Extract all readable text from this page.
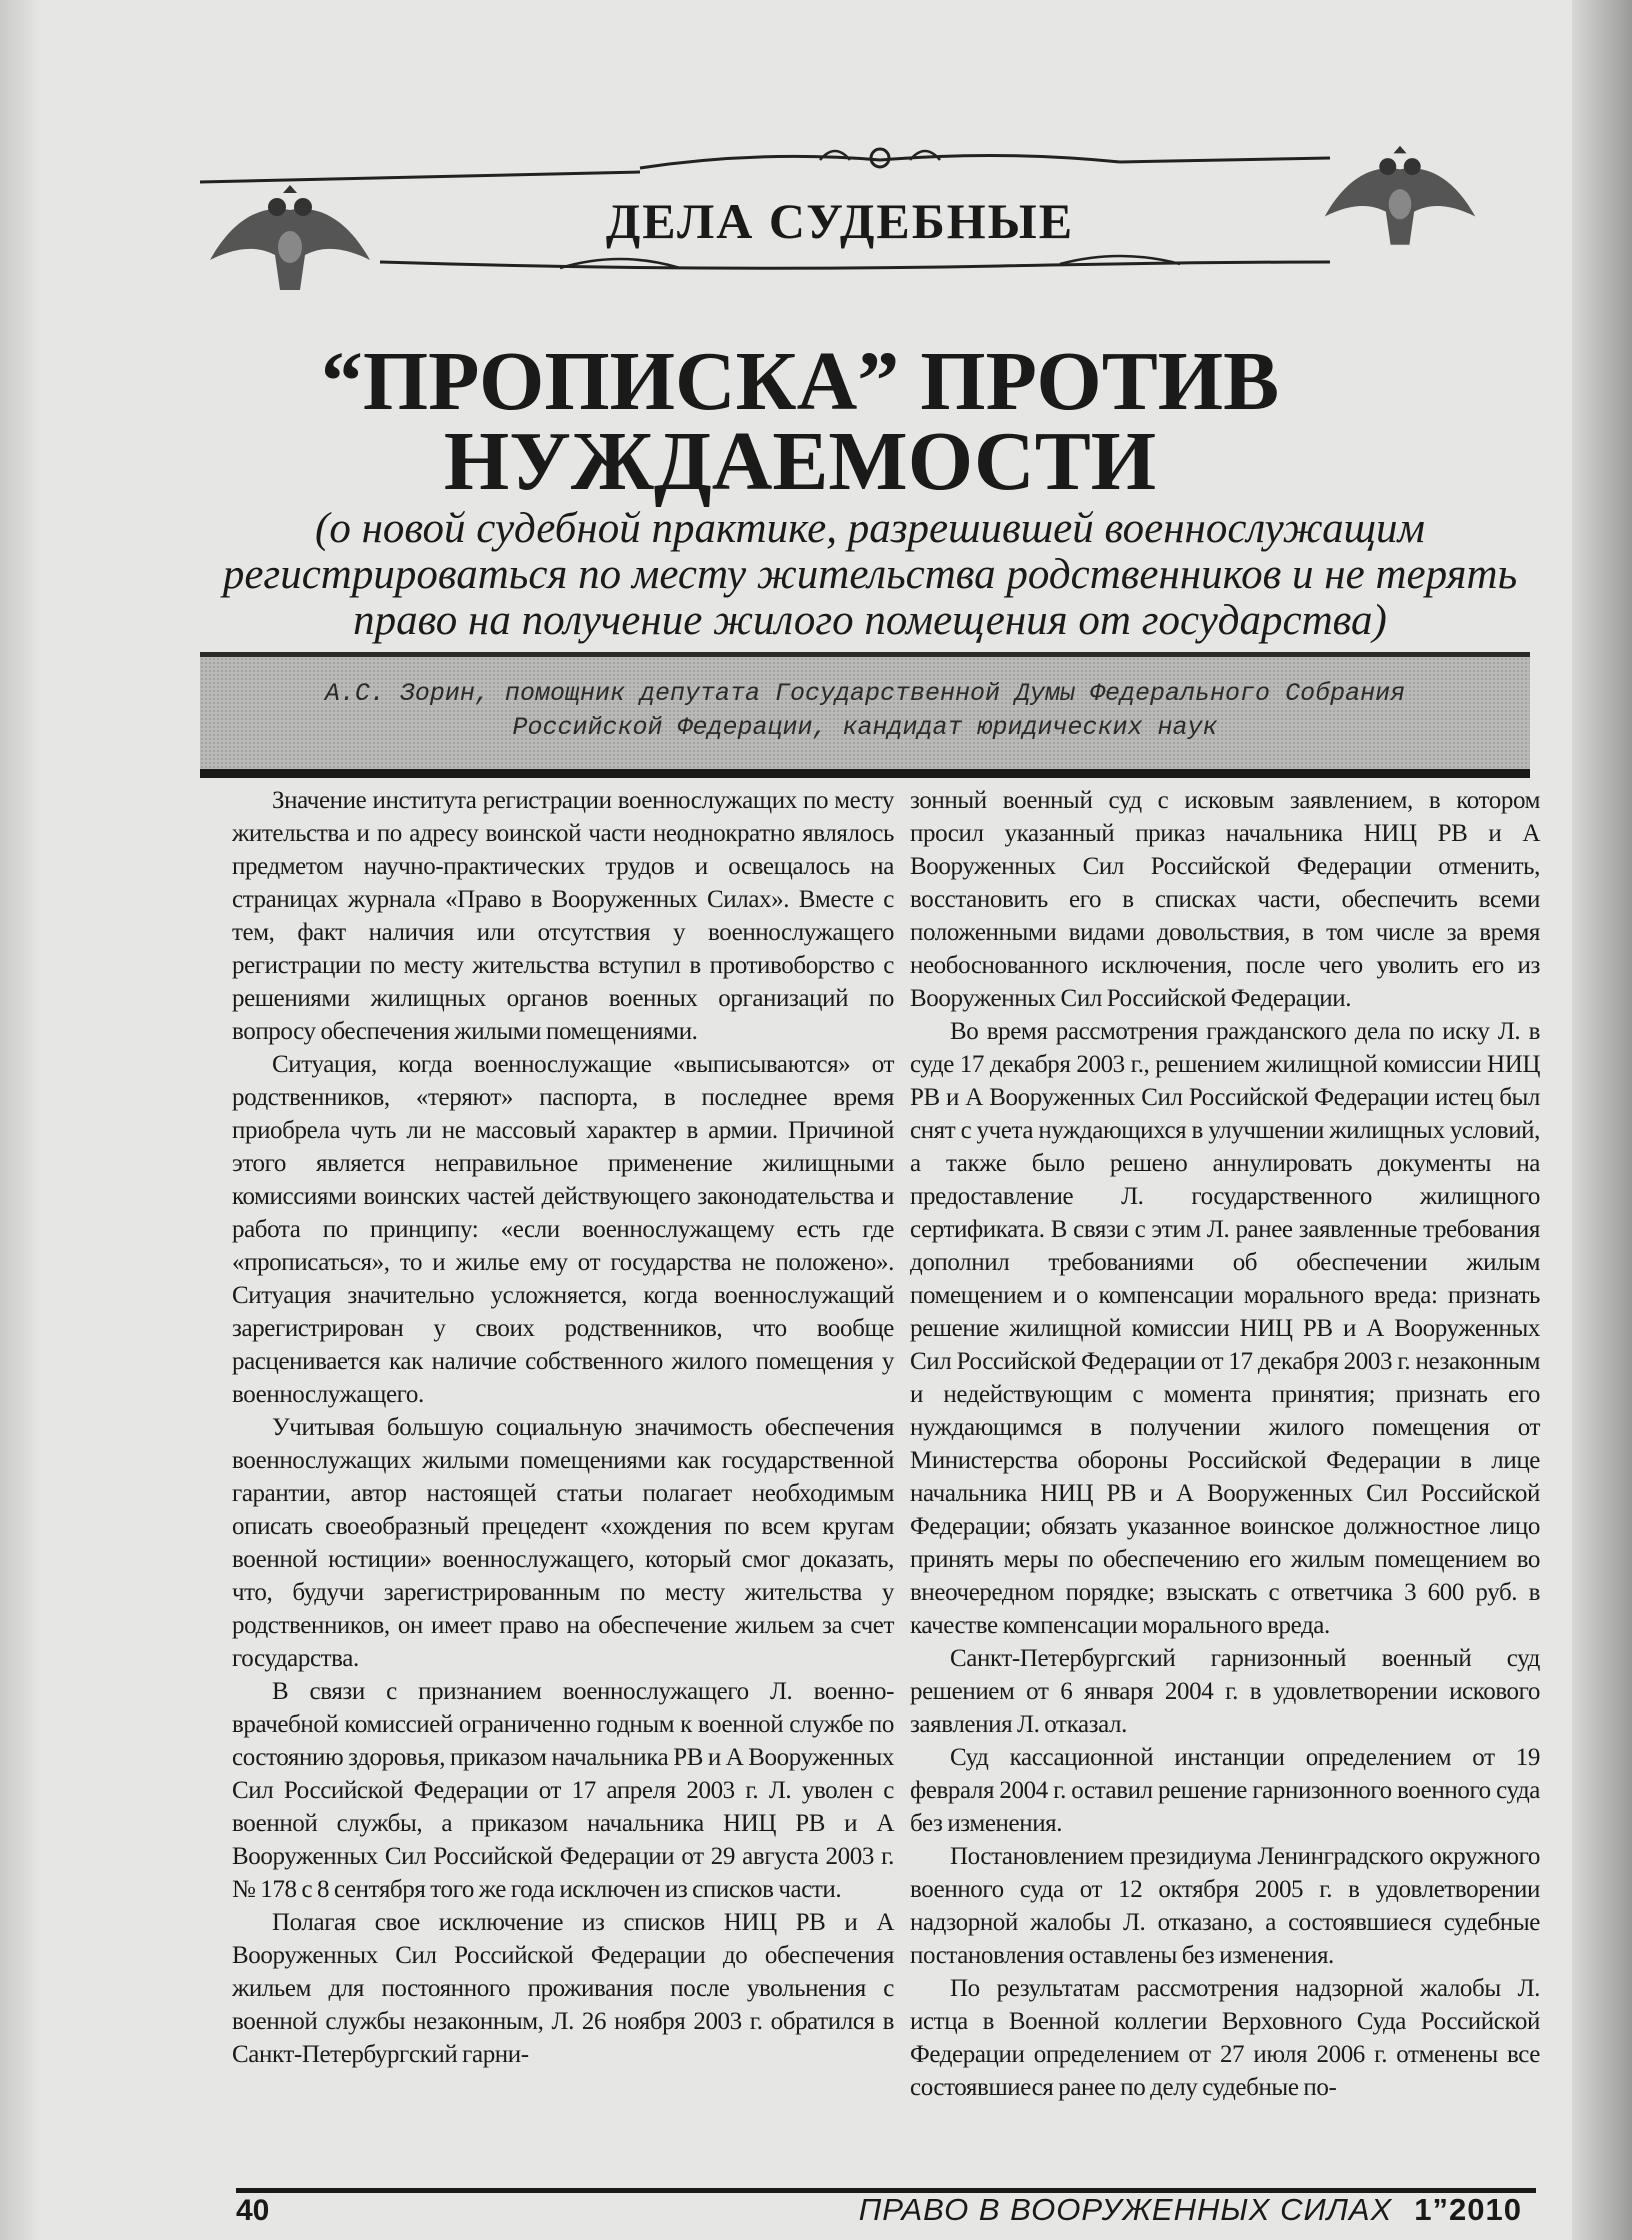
ДЕЛА СУДЕБНЫЕ
“ПРОПИСКА” ПРОТИВ
НУЖДАЕМОСТИ
(о новой судебной практике, разрешившей военнослужащим регистрироваться по месту жительства родственников и не терять право на получение жилого помещения от государства)
А.С. Зорин, помощник депутата Государственной Думы Федерального Собрания
Российской Федерации, кандидат юридических наук

Значение института регистрации военнослужащих по месту жительства и по адресу воинской части неоднократно являлось предметом научно-практических трудов и освещалось на страницах журнала «Право в Вооруженных Силах». Вместе с тем, факт наличия или отсутствия у военнослужащего регистрации по месту жительства вступил в противоборство с решениями жилищных органов военных организаций по вопросу обеспечения жилыми помещениями.

Ситуация, когда военнослужащие «выписываются» от родственников, «теряют» паспорта, в последнее время приобрела чуть ли не массовый характер в армии. Причиной этого является неправильное применение жилищными комиссиями воинских частей действующего законодательства и работа по принципу: «если военнослужащему есть где «прописаться», то и жилье ему от государства не положено». Ситуация значительно усложняется, когда военнослужащий зарегистрирован у своих родственников, что вообще расценивается как наличие собственного жилого помещения у военнослужащего.

Учитывая большую социальную значимость обеспечения военнослужащих жилыми помещениями как государственной гарантии, автор настоящей статьи полагает необходимым описать своеобразный прецедент «хождения по всем кругам военной юстиции» военнослужащего, который смог доказать, что, будучи зарегистрированным по месту жительства у родственников, он имеет право на обеспечение жильем за счет государства.

В связи с признанием военнослужащего Л. военно-врачебной комиссией ограниченно годным к военной службе по состоянию здоровья, приказом начальника РВ и А Вооруженных Сил Российской Федерации от 17 апреля 2003 г. Л. уволен с военной службы, а приказом начальника НИЦ РВ и А Вооруженных Сил Российской Федерации от 29 августа 2003 г. № 178 с 8 сентября того же года исключен из списков части.

Полагая свое исключение из списков НИЦ РВ и А Вооруженных Сил Российской Федерации до обеспечения жильем для постоянного проживания после увольнения с военной службы незаконным, Л. 26 ноября 2003 г. обратился в Санкт-Петербургский гарни-

зонный военный суд с исковым заявлением, в котором просил указанный приказ начальника НИЦ РВ и А Вооруженных Сил Российской Федерации отменить, восстановить его в списках части, обеспечить всеми положенными видами довольствия, в том числе за время необоснованного исключения, после чего уволить его из Вооруженных Сил Российской Федерации.

Во время рассмотрения гражданского дела по иску Л. в суде 17 декабря 2003 г., решением жилищной комиссии НИЦ РВ и А Вооруженных Сил Российской Федерации истец был снят с учета нуждающихся в улучшении жилищных условий, а также было решено аннулировать документы на предоставление Л. государственного жилищного сертификата. В связи с этим Л. ранее заявленные требования дополнил требованиями об обеспечении жилым помещением и о компенсации морального вреда: признать решение жилищной комиссии НИЦ РВ и А Вооруженных Сил Российской Федерации от 17 декабря 2003 г. незаконным и недействующим с момента принятия; признать его нуждающимся в получении жилого помещения от Министерства обороны Российской Федерации в лице начальника НИЦ РВ и А Вооруженных Сил Российской Федерации; обязать указанное воинское должностное лицо принять меры по обеспечению его жилым помещением во внеочередном порядке; взыскать с ответчика 3 600 руб. в качестве компенсации морального вреда.

Санкт-Петербургский гарнизонный военный суд решением от 6 января 2004 г. в удовлетворении искового заявления Л. отказал.

Суд кассационной инстанции определением от 19 февраля 2004 г. оставил решение гарнизонного военного суда без изменения.

Постановлением президиума Ленинградского окружного военного суда от 12 октября 2005 г. в удовлетворении надзорной жалобы Л. отказано, а состоявшиеся судебные постановления оставлены без изменения.

По результатам рассмотрения надзорной жалобы Л. истца в Военной коллегии Верховного Суда Российской Федерации определением от 27 июля 2006 г. отменены все состоявшиеся ранее по делу судебные по-

40	ПРАВО В ВООРУЖЕННЫХ СИЛАХ 1”2010
